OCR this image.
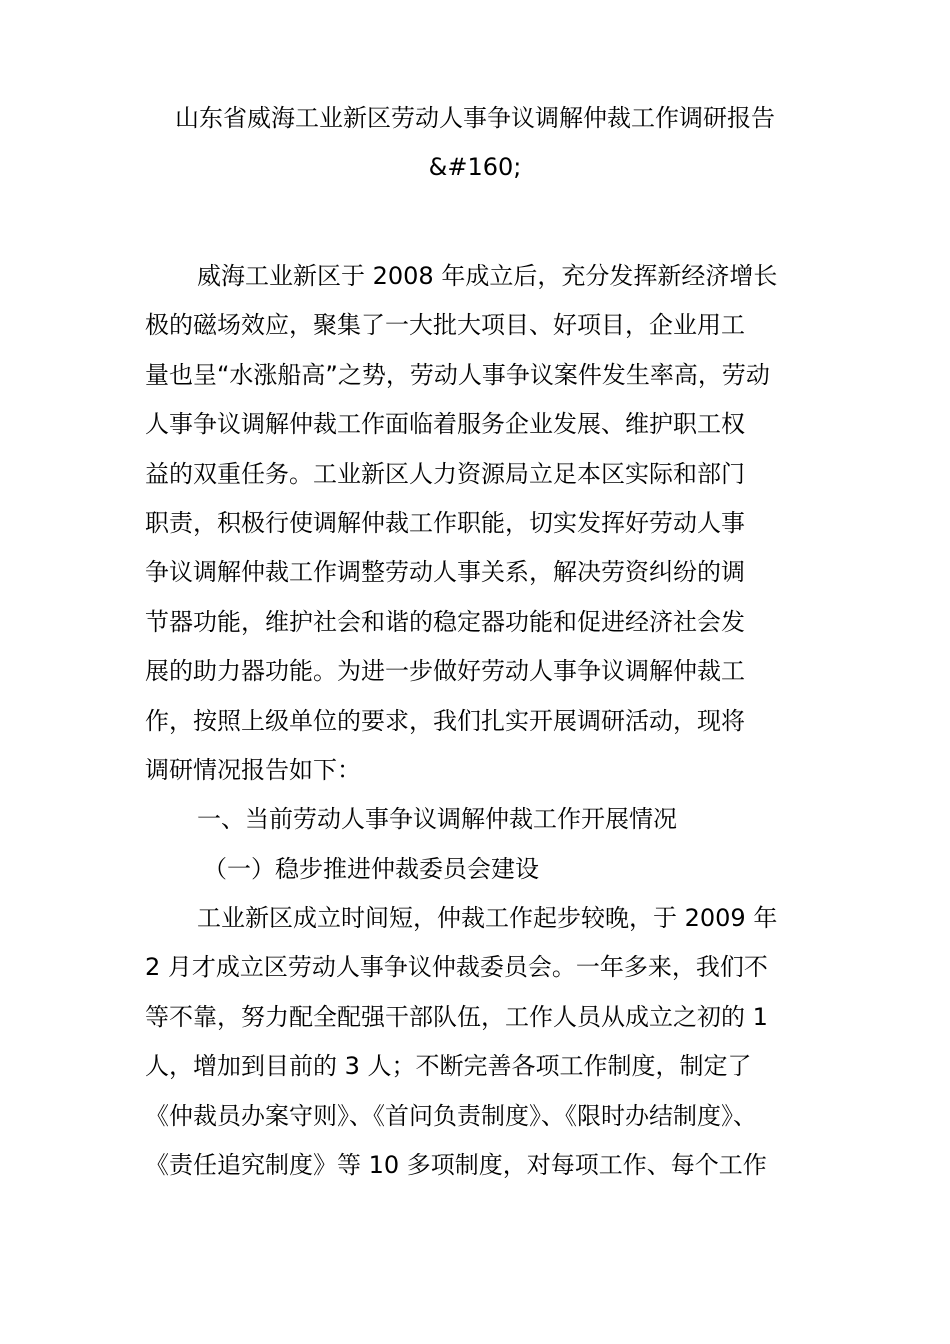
山东省威海工业新区劳动人事争议调解仲裁工作调研报告
&#160;
威海工业新区于 2008 年成立后，充分发挥新经济增长
极的磁场效应，聚集了一大批大项目、好项目，企业用工
量也呈“水涨船高”之势，劳动人事争议案件发生率高，劳动
人事争议调解仲裁工作面临着服务企业发展、维护职工权
益的双重任务。工业新区人力资源局立足本区实际和部门
职责，积极行使调解仲裁工作职能，切实发挥好劳动人事
争议调解仲裁工作调整劳动人事关系，解决劳资纠纷的调
节器功能，维护社会和谐的稳定器功能和促进经济社会发
展的助力器功能。为进一步做好劳动人事争议调解仲裁工
作，按照上级单位的要求，我们扎实开展调研活动，现将
调研情况报告如下：
一、当前劳动人事争议调解仲裁工作开展情况
（一）稳步推进仲裁委员会建设
工业新区成立时间短，仲裁工作起步较晚，于 2009 年
2 月才成立区劳动人事争议仲裁委员会。一年多来，我们不
等不靠，努力配全配强干部队伍，工作人员从成立之初的 1
人，增加到目前的 3 人；不断完善各项工作制度，制定了
《仲裁员办案守则》、《首问负责制度》、《限时办结制度》、
《责任追究制度》等 10 多项制度，对每项工作、每个工作
